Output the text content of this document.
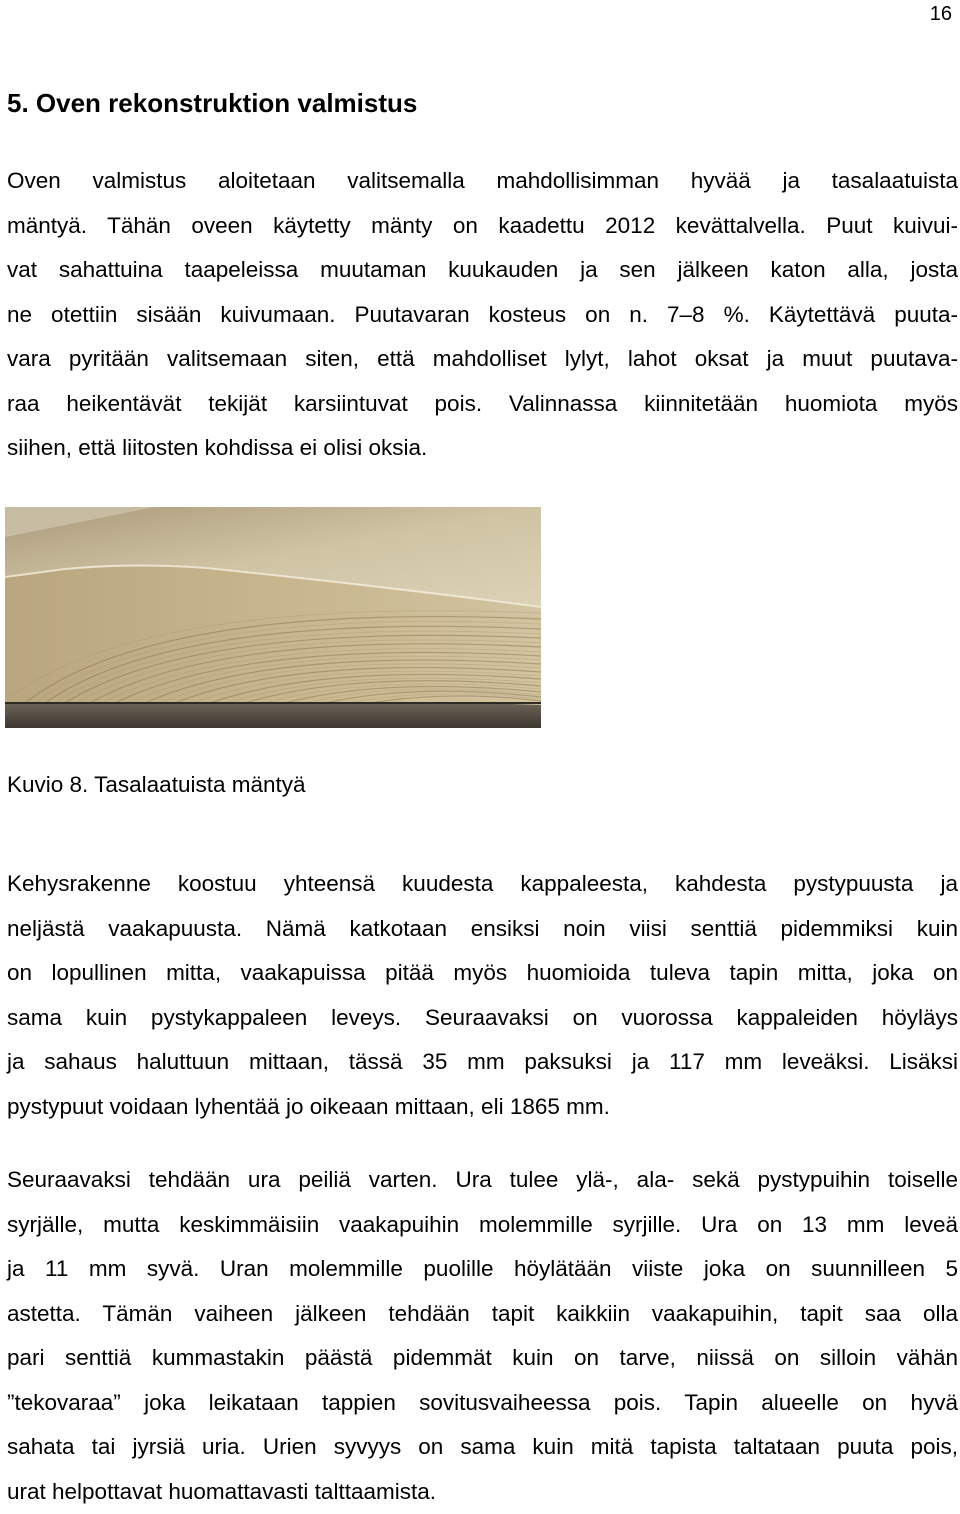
16
5. Oven rekonstruktion valmistus

Oven valmistus aloitetaan valitsemalla mahdollisimman hyvää ja tasalaatuista
mäntyä. Tähän oveen käytetty mänty on kaadettu 2012 kevättalvella. Puut kuivui-
vat sahattuina taapeleissa muutaman kuukauden ja sen jälkeen katon alla, josta
ne otettiin sisään kuivumaan. Puutavaran kosteus on n. 7–8 %. Käytettävä puuta-
vara pyritään valitsemaan siten, että mahdolliset lylyt, lahot oksat ja muut puutava-
raa heikentävät tekijät karsiintuvat pois. Valinnassa kiinnitetään huomiota myös
siihen, että liitosten kohdissa ei olisi oksia.

Kuvio 8. Tasalaatuista mäntyä

Kehysrakenne koostuu yhteensä kuudesta kappaleesta, kahdesta pystypuusta ja
neljästä vaakapuusta. Nämä katkotaan ensiksi noin viisi senttiä pidemmiksi kuin
on lopullinen mitta, vaakapuissa pitää myös huomioida tuleva tapin mitta, joka on
sama kuin pystykappaleen leveys. Seuraavaksi on vuorossa kappaleiden höyläys
ja sahaus haluttuun mittaan, tässä 35 mm paksuksi ja 117 mm leveäksi. Lisäksi
pystypuut voidaan lyhentää jo oikeaan mittaan, eli 1865 mm.

Seuraavaksi tehdään ura peiliä varten. Ura tulee ylä-, ala- sekä pystypuihin toiselle
syrjälle, mutta keskimmäisiin vaakapuihin molemmille syrjille. Ura on 13 mm leveä
ja 11 mm syvä. Uran molemmille puolille höylätään viiste joka on suunnilleen 5
astetta. Tämän vaiheen jälkeen tehdään tapit kaikkiin vaakapuihin, tapit saa olla
pari senttiä kummastakin päästä pidemmät kuin on tarve, niissä on silloin vähän
”tekovaraa” joka leikataan tappien sovitusvaiheessa pois. Tapin alueelle on hyvä
sahata tai jyrsiä uria. Urien syvyys on sama kuin mitä tapista taltataan puuta pois,
urat helpottavat huomattavasti talttaamista.
